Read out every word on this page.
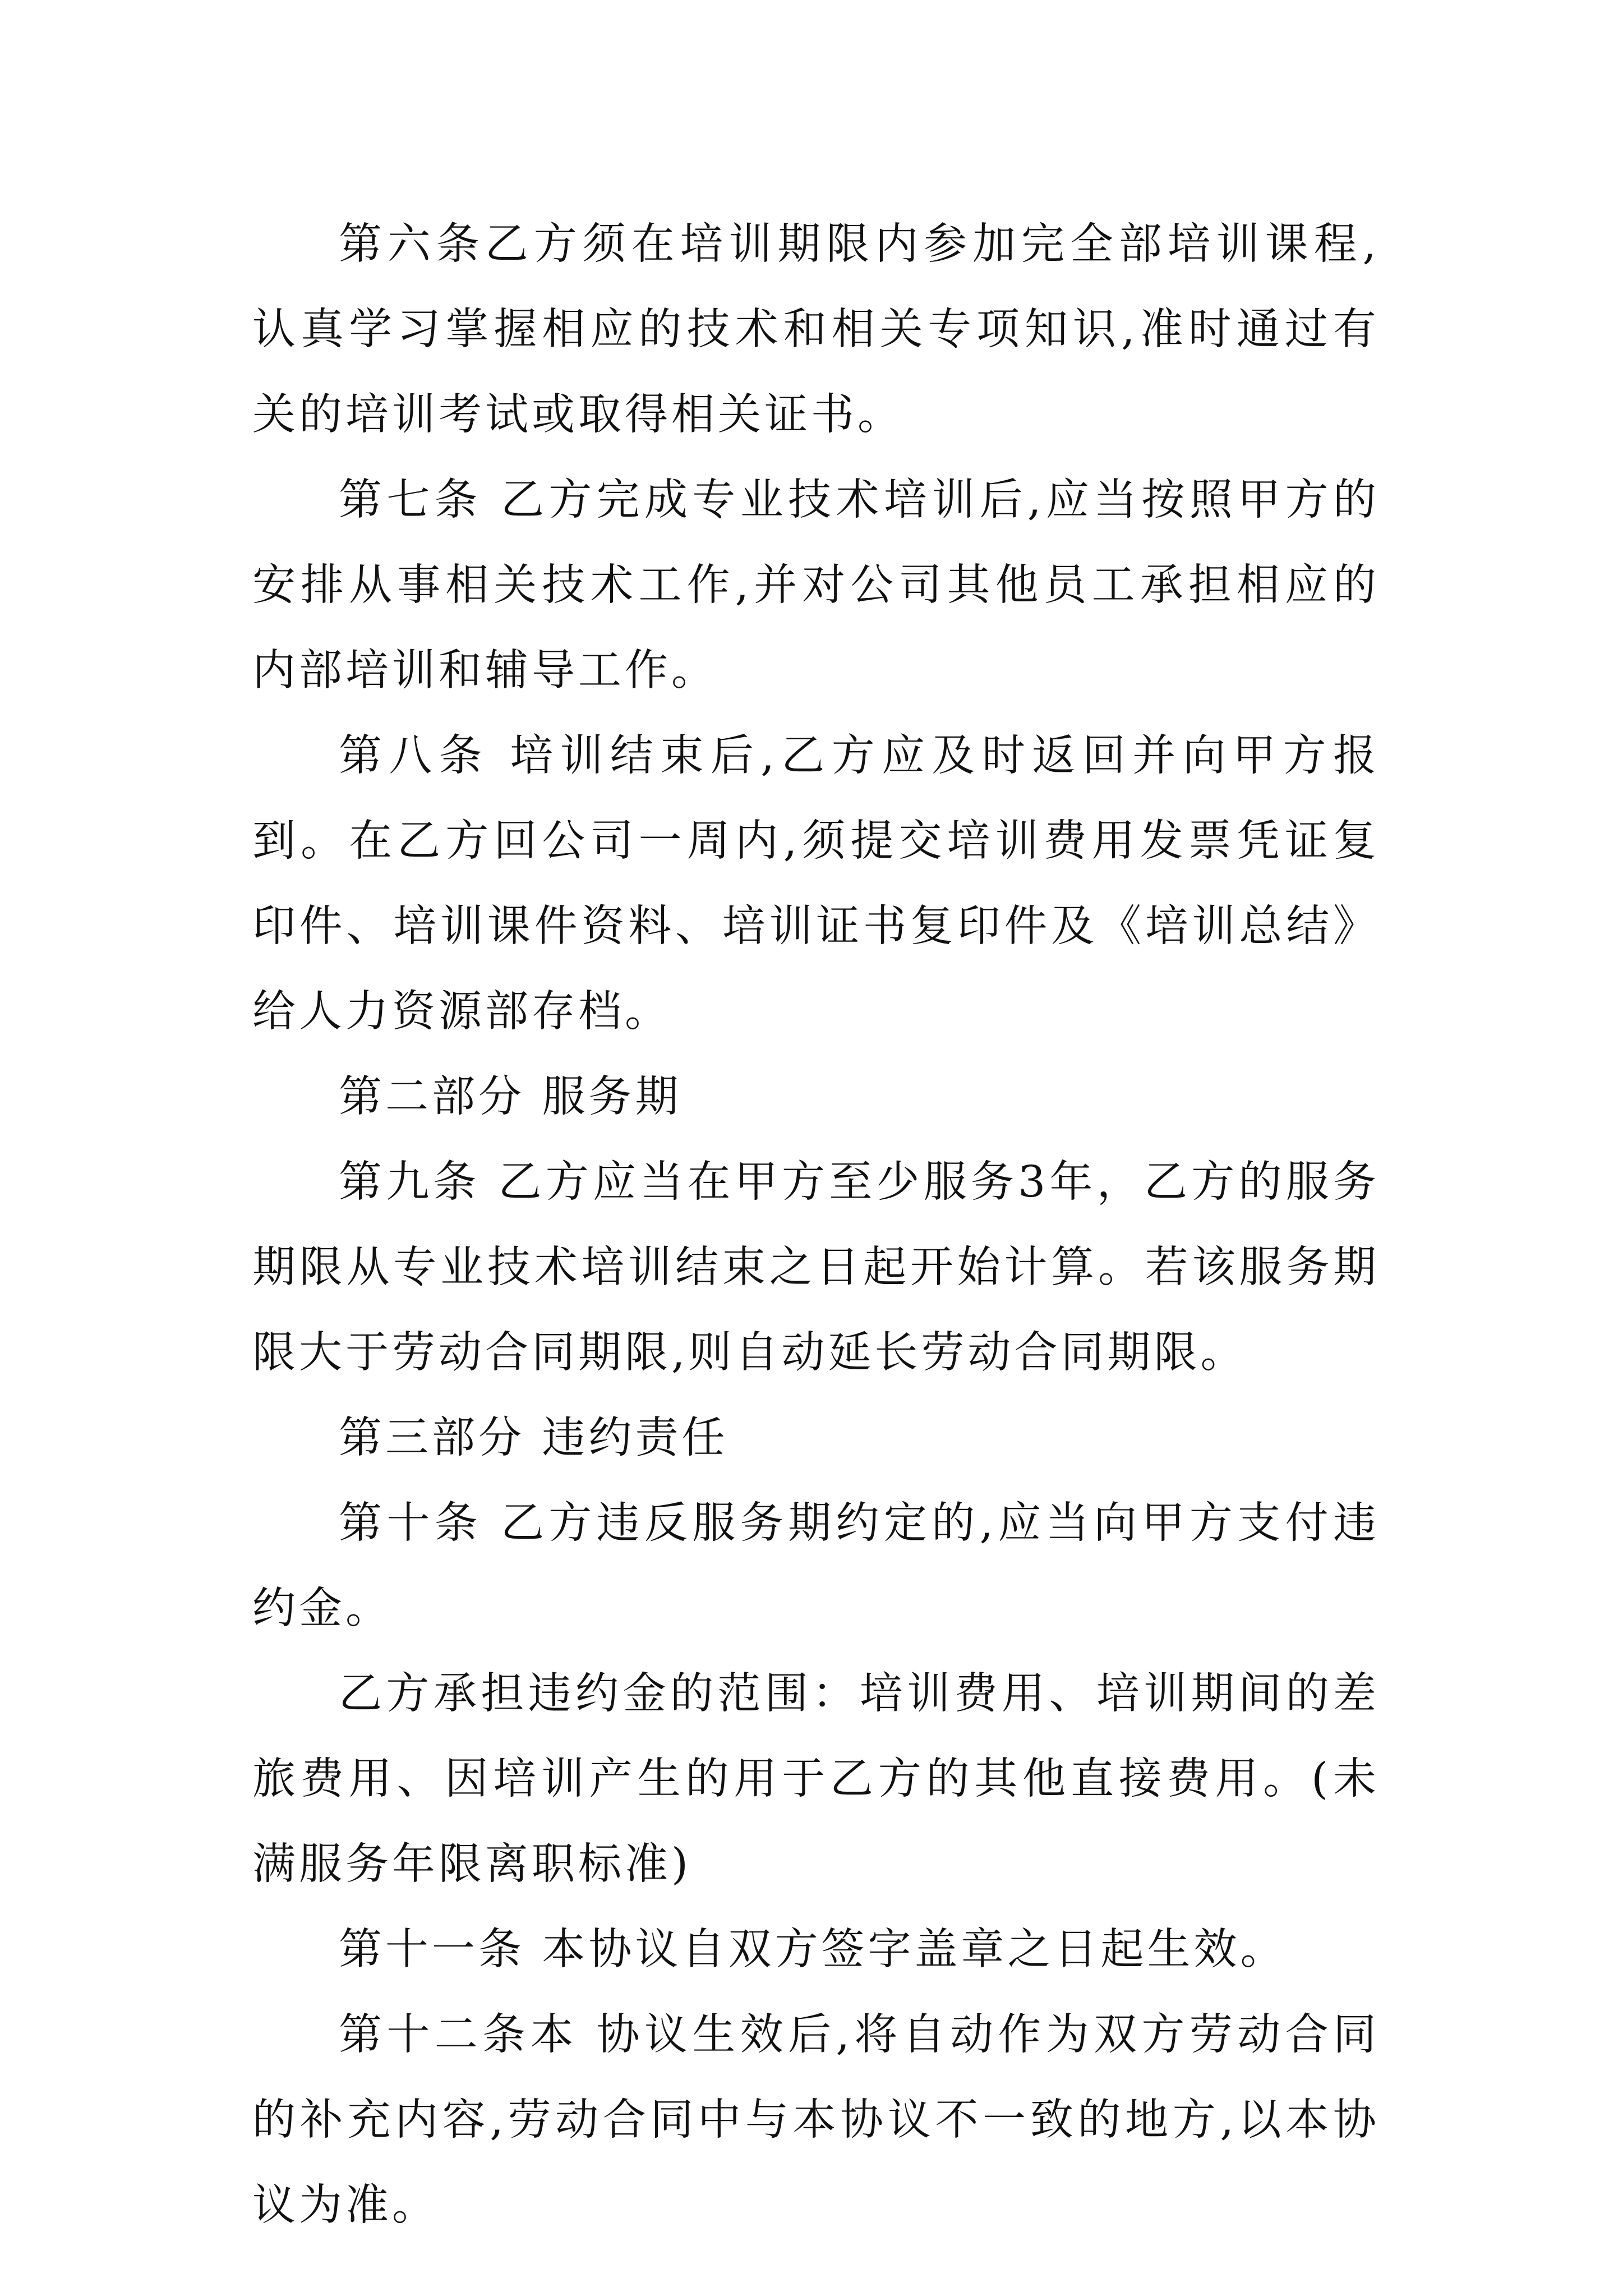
第六条乙方须在培训期限内参加完全部培训课程,认真学习掌握相应的技术和相关专项知识,准时通过有关的培训考试或取得相关证书。

第七条 乙方完成专业技术培训后,应当按照甲方的安排从事相关技术工作,并对公司其他员工承担相应的内部培训和辅导工作。

第八条 培训结束后,乙方应及时返回并向甲方报到。在乙方回公司一周内,须提交培训费用发票凭证复印件、培训课件资料、培训证书复印件及《培训总结》给人力资源部存档。

第二部分 服务期

第九条 乙方应当在甲方至少服务3年，乙方的服务期限从专业技术培训结束之日起开始计算。若该服务期限大于劳动合同期限,则自动延长劳动合同期限。

第三部分 违约责任

第十条 乙方违反服务期约定的,应当向甲方支付违约金。

乙方承担违约金的范围：培训费用、培训期间的差旅费用、因培训产生的用于乙方的其他直接费用。(未满服务年限离职标准)

第十一条 本协议自双方签字盖章之日起生效。

第十二条本 协议生效后,将自动作为双方劳动合同的补充内容,劳动合同中与本协议不一致的地方,以本协议为准。
